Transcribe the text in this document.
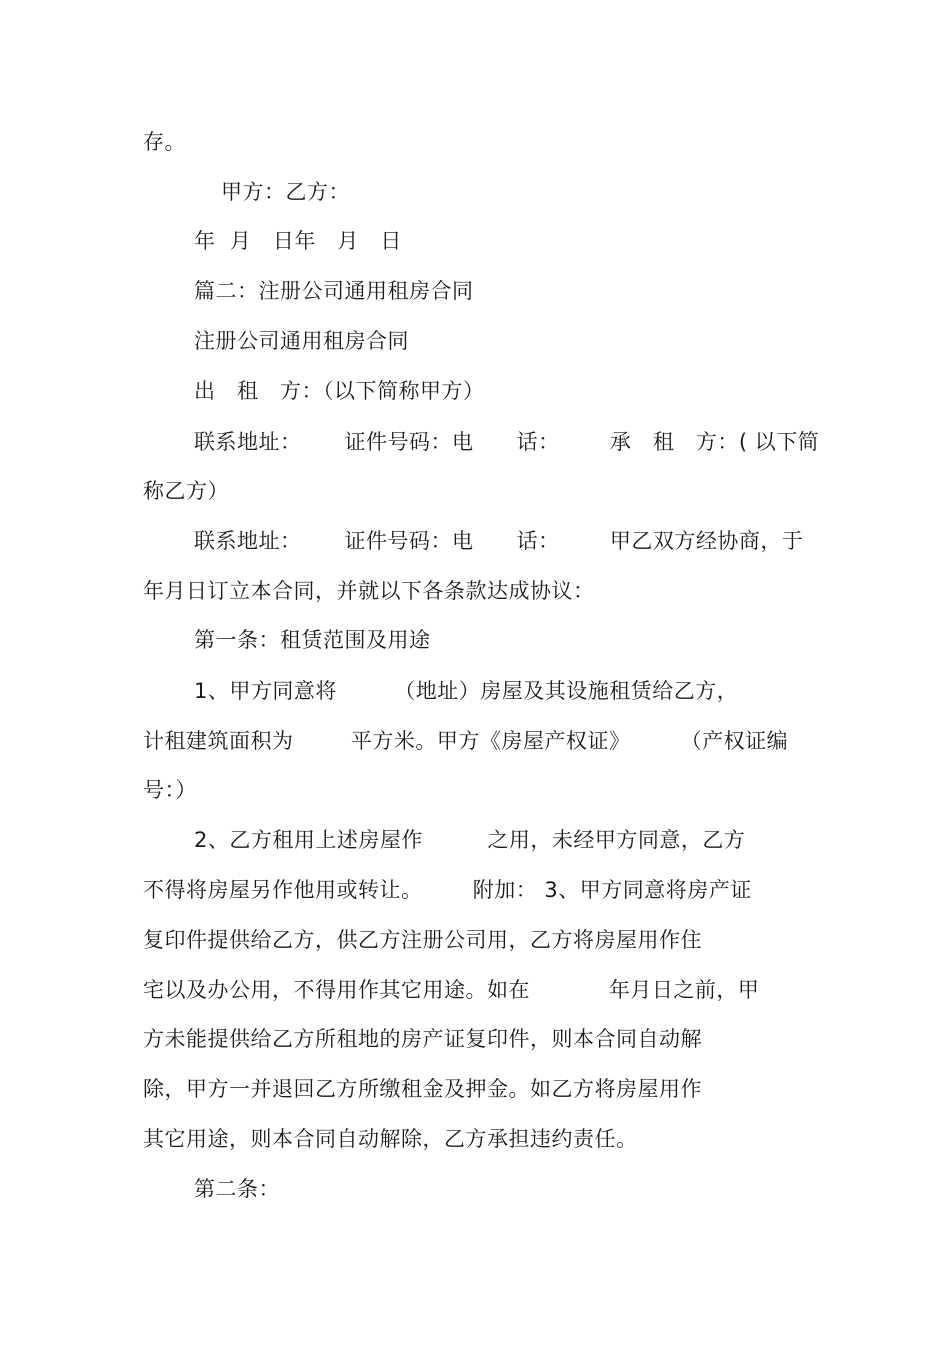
存。
甲方：乙方：
年  月   日年   月   日
篇二：注册公司通用租房合同
注册公司通用租房合同
出   租   方：（以下简称甲方）
联系地址：      证件号码：电      话：       承   租   方：( 以下简
称乙方）
联系地址：      证件号码：电      话：       甲乙双方经协商，于
年月日订立本合同，并就以下各条款达成协议：
第一条：租赁范围及用途
1、甲方同意将        （地址）房屋及其设施租赁给乙方，
计租建筑面积为        平方米。甲方《房屋产权证》       （产权证编
号：）
2、乙方租用上述房屋作         之用，未经甲方同意，乙方
不得将房屋另作他用或转让。       附加： 3、甲方同意将房产证
复印件提供给乙方，供乙方注册公司用，乙方将房屋用作住
宅以及办公用，不得用作其它用途。如在           年月日之前，甲
方未能提供给乙方所租地的房产证复印件，则本合同自动解
除，甲方一并退回乙方所缴租金及押金。如乙方将房屋用作
其它用途，则本合同自动解除，乙方承担违约责任。
第二条：
